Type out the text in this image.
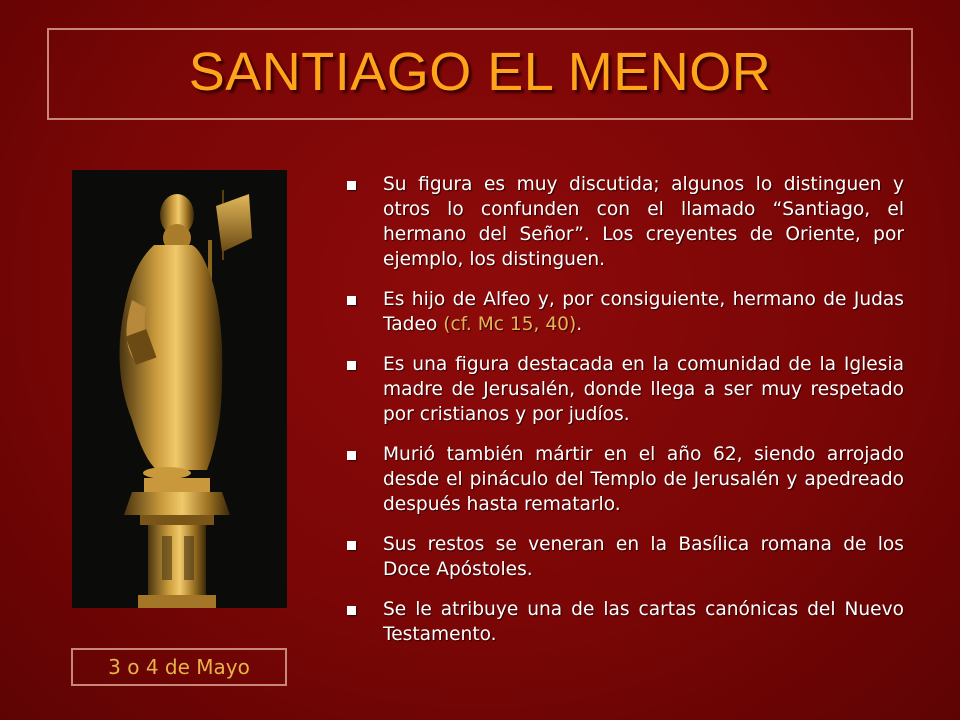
SANTIAGO EL MENOR
3 o 4 de Mayo
Su figura es muy discutida; algunos lo distinguen y otros lo confunden con el llamado “Santiago, el hermano del Señor”. Los creyentes de Oriente, por ejemplo, los distinguen.
Es hijo de Alfeo y, por consiguiente, hermano de Judas Tadeo (cf. Mc 15, 40).
Es una figura destacada en la comunidad de la Iglesia madre de Jerusalén, donde llega a ser muy respetado por cristianos y por judíos.
Murió también mártir en el año 62, siendo arrojado desde el pináculo del Templo de Jerusalén y apedreado después hasta rematarlo.
Sus restos se veneran en la Basílica romana de los Doce Apóstoles.
Se le atribuye una de las cartas canónicas del Nuevo Testamento.
